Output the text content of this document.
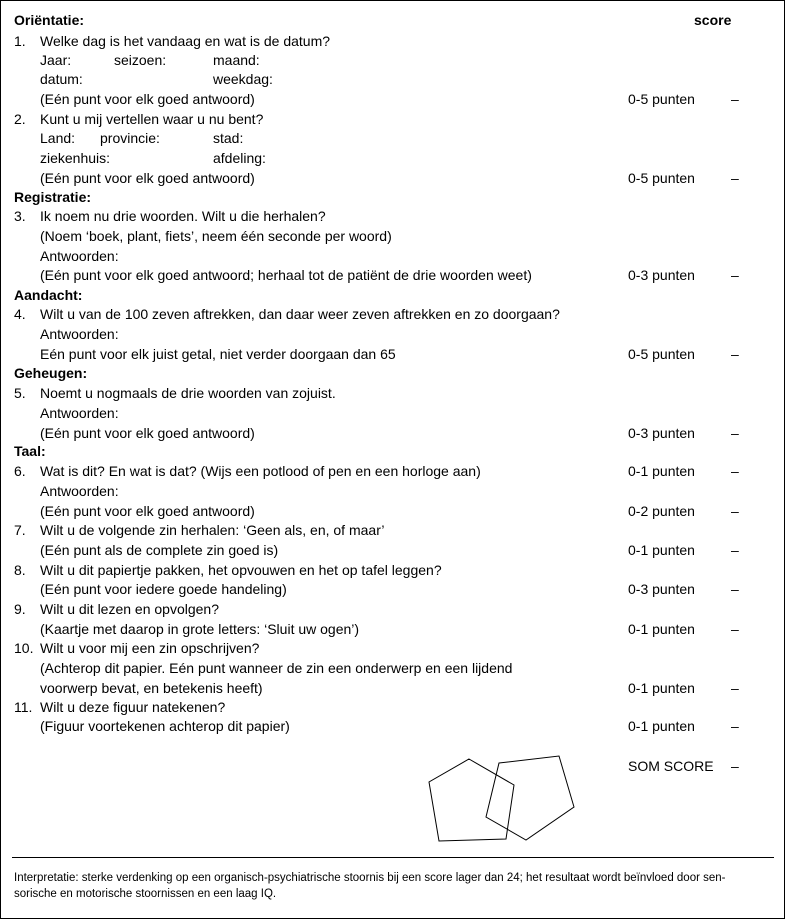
Oriëntatie:	score
1. Welke dag is het vandaag en wat is de datum?
Jaar:	seizoen:	maand:
datum:	weekdag:
(Eén punt voor elk goed antwoord)	0-5 punten	–
2. Kunt u mij vertellen waar u nu bent?
Land: provincie:	stad:
ziekenhuis:	afdeling:
(Eén punt voor elk goed antwoord)	0-5 punten	–
Registratie:
3. Ik noem nu drie woorden. Wilt u die herhalen?
(Noem ‘boek, plant, fiets’, neem één seconde per woord)
Antwoorden:
(Eén punt voor elk goed antwoord; herhaal tot de patiënt de drie woorden weet)	0-3 punten	–
Aandacht:
4. Wilt u van de 100 zeven aftrekken, dan daar weer zeven aftrekken en zo doorgaan?
Antwoorden:
Eén punt voor elk juist getal, niet verder doorgaan dan 65	0-5 punten	–
Geheugen:
5. Noemt u nogmaals de drie woorden van zojuist.
Antwoorden:
(Eén punt voor elk goed antwoord)	0-3 punten	–
Taal:
6. Wat is dit? En wat is dat? (Wijs een potlood of pen en een horloge aan)	0-1 punten	–
Antwoorden:
(Eén punt voor elk goed antwoord)	0-2 punten	–
7. Wilt u de volgende zin herhalen: ‘Geen als, en, of maar’
(Eén punt als de complete zin goed is)	0-1 punten	–
8. Wilt u dit papiertje pakken, het opvouwen en het op tafel leggen?
(Eén punt voor iedere goede handeling)	0-3 punten	–
9. Wilt u dit lezen en opvolgen?
(Kaartje met daarop in grote letters: ‘Sluit uw ogen’)	0-1 punten	–
10. Wilt u voor mij een zin opschrijven?
(Achterop dit papier. Eén punt wanneer de zin een onderwerp en een lijdend
voorwerp bevat, en betekenis heeft)	0-1 punten	–
11. Wilt u deze figuur natekenen?
(Figuur voortekenen achterop dit papier)	0-1 punten	–
SOM SCORE –
Interpretatie: sterke verdenking op een organisch-psychiatrische stoornis bij een score lager dan 24; het resultaat wordt beïnvloed door sen-
sorische en motorische stoornissen en een laag IQ.
